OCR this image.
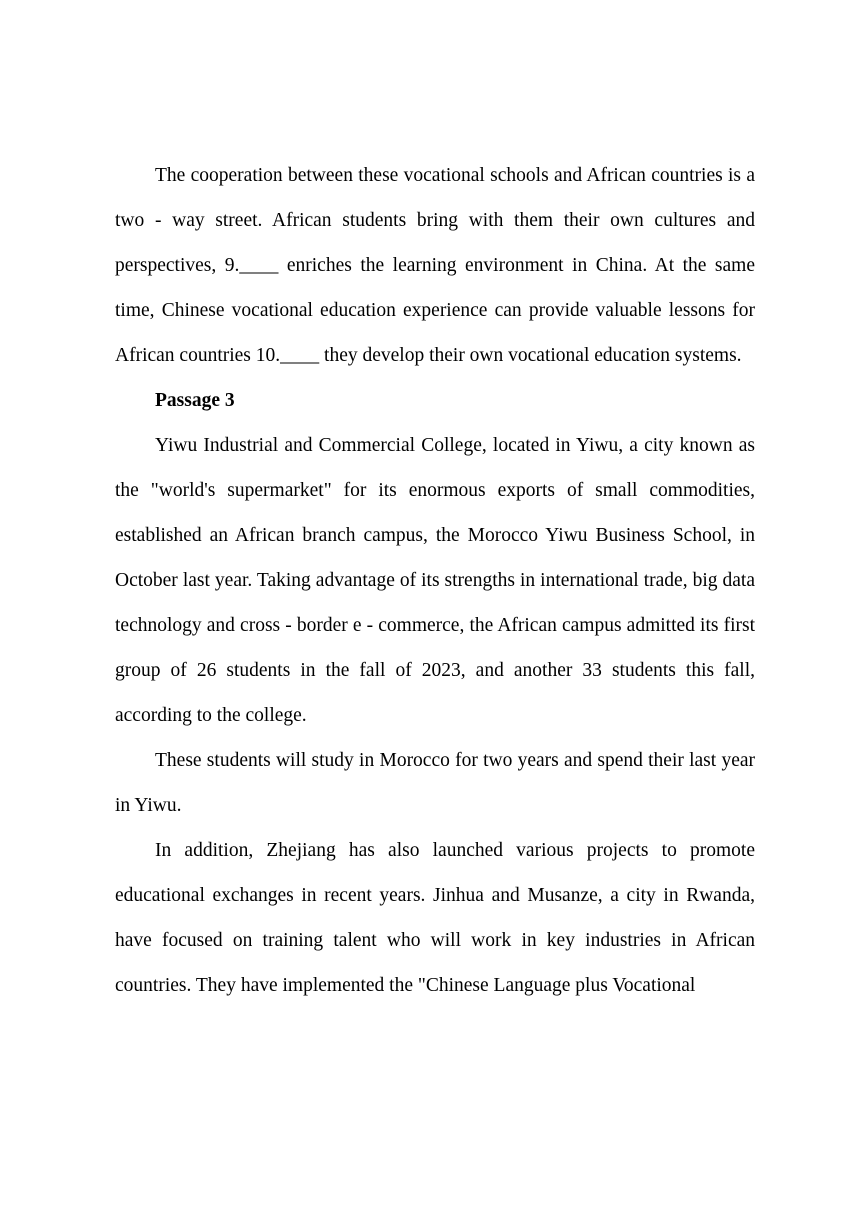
The cooperation between these vocational schools and African countries is a two - way street. African students bring with them their own cultures and perspectives, 9.____ enriches the learning environment in China. At the same time, Chinese vocational education experience can provide valuable lessons for African countries 10.____ they develop their own vocational education systems.

Passage 3

Yiwu Industrial and Commercial College, located in Yiwu, a city known as the "world's supermarket" for its enormous exports of small commodities, established an African branch campus, the Morocco Yiwu Business School, in October last year. Taking advantage of its strengths in international trade, big data technology and cross - border e - commerce, the African campus admitted its first group of 26 students in the fall of 2023, and another 33 students this fall, according to the college.

These students will study in Morocco for two years and spend their last year in Yiwu.

In addition, Zhejiang has also launched various projects to promote educational exchanges in recent years. Jinhua and Musanze, a city in Rwanda, have focused on training talent who will work in key industries in African countries. They have implemented the "Chinese Language plus Vocational
